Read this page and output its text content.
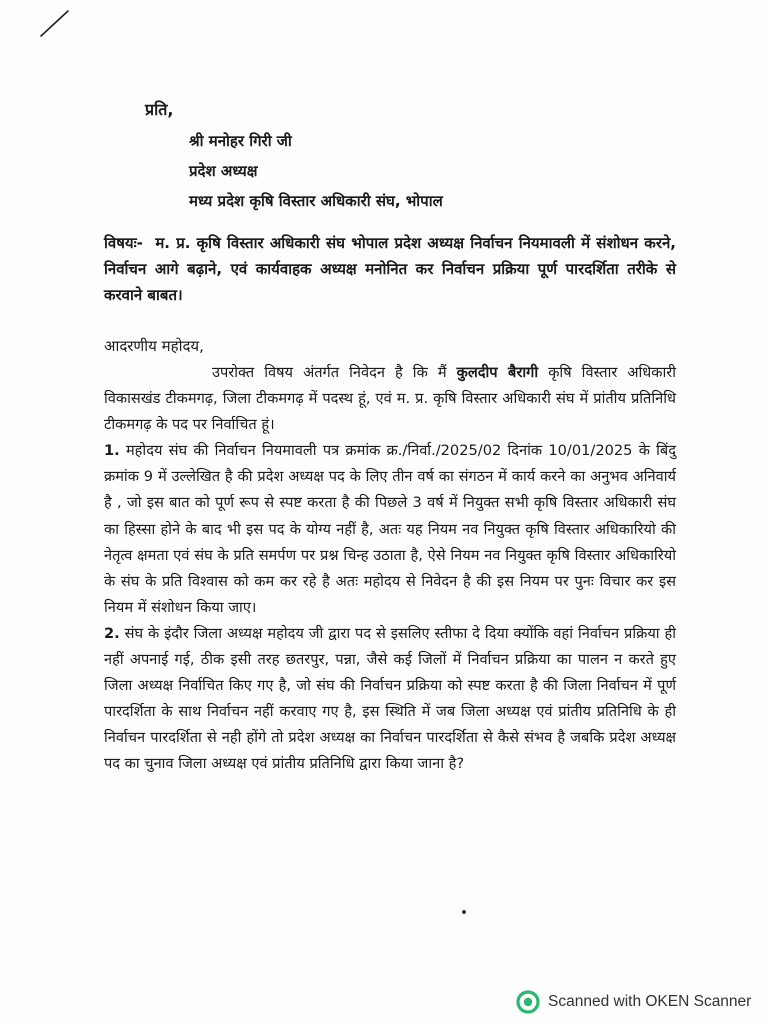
प्रति,

श्री मनोहर गिरी जी

प्रदेश अध्यक्ष

मध्य प्रदेश कृषि विस्तार अधिकारी संघ, भोपाल

विषयः- म. प्र. कृषि विस्तार अधिकारी संघ भोपाल प्रदेश अध्यक्ष निर्वाचन नियमावली में संशोधन करने, निर्वाचन आगे बढ़ाने, एवं कार्यवाहक अध्यक्ष मनोनित कर निर्वाचन प्रक्रिया पूर्ण पारदर्शिता तरीके से करवाने बाबत।
आदरणीय महोदय,

उपरोक्त विषय अंतर्गत निवेदन है कि मैं कुलदीप बैरागी कृषि विस्तार अधिकारी विकासखंड टीकमगढ़, जिला टीकमगढ़ में पदस्थ हूं, एवं म. प्र. कृषि विस्तार अधिकारी संघ में प्रांतीय प्रतिनिधि टीकमगढ़ के पद पर निर्वाचित हूं।

1. महोदय संघ की निर्वाचन नियमावली पत्र क्रमांक क्र./निर्वा./2025/02 दिनांक 10/01/2025 के बिंदु क्रमांक 9 में उल्लेखित है की प्रदेश अध्यक्ष पद के लिए तीन वर्ष का संगठन में कार्य करने का अनुभव अनिवार्य है , जो इस बात को पूर्ण रूप से स्पष्ट करता है की पिछले 3 वर्ष में नियुक्त सभी कृषि विस्तार अधिकारी संघ का हिस्सा होने के बाद भी इस पद के योग्य नहीं है, अतः यह नियम नव नियुक्त कृषि विस्तार अधिकारियो की नेतृत्व क्षमता एवं संघ के प्रति समर्पण पर प्रश्न चिन्ह उठाता है, ऐसे नियम नव नियुक्त कृषि विस्तार अधिकारियो के संघ के प्रति विश्वास को कम कर रहे है अतः महोदय से निवेदन है की इस नियम पर पुनः विचार कर इस नियम में संशोधन किया जाए।

2. संघ के इंदौर जिला अध्यक्ष महोदय जी द्वारा पद से इसलिए स्तीफा दे दिया क्योंकि वहां निर्वाचन प्रक्रिया ही नहीं अपनाई गई, ठीक इसी तरह छतरपुर, पन्ना, जैसे कई जिलों में निर्वाचन प्रक्रिया का पालन न करते हुए जिला अध्यक्ष निर्वाचित किए गए है, जो संघ की निर्वाचन प्रक्रिया को स्पष्ट करता है की जिला निर्वाचन में पूर्ण पारदर्शिता के साथ निर्वाचन नहीं करवाए गए है, इस स्थिति में जब जिला अध्यक्ष एवं प्रांतीय प्रतिनिधि के ही निर्वाचन पारदर्शिता से नही होंगे तो प्रदेश अध्यक्ष का निर्वाचन पारदर्शिता से कैसे संभव है जबकि प्रदेश अध्यक्ष पद का चुनाव जिला अध्यक्ष एवं प्रांतीय प्रतिनिधि द्वारा किया जाना है?

Scanned with OKEN Scanner
